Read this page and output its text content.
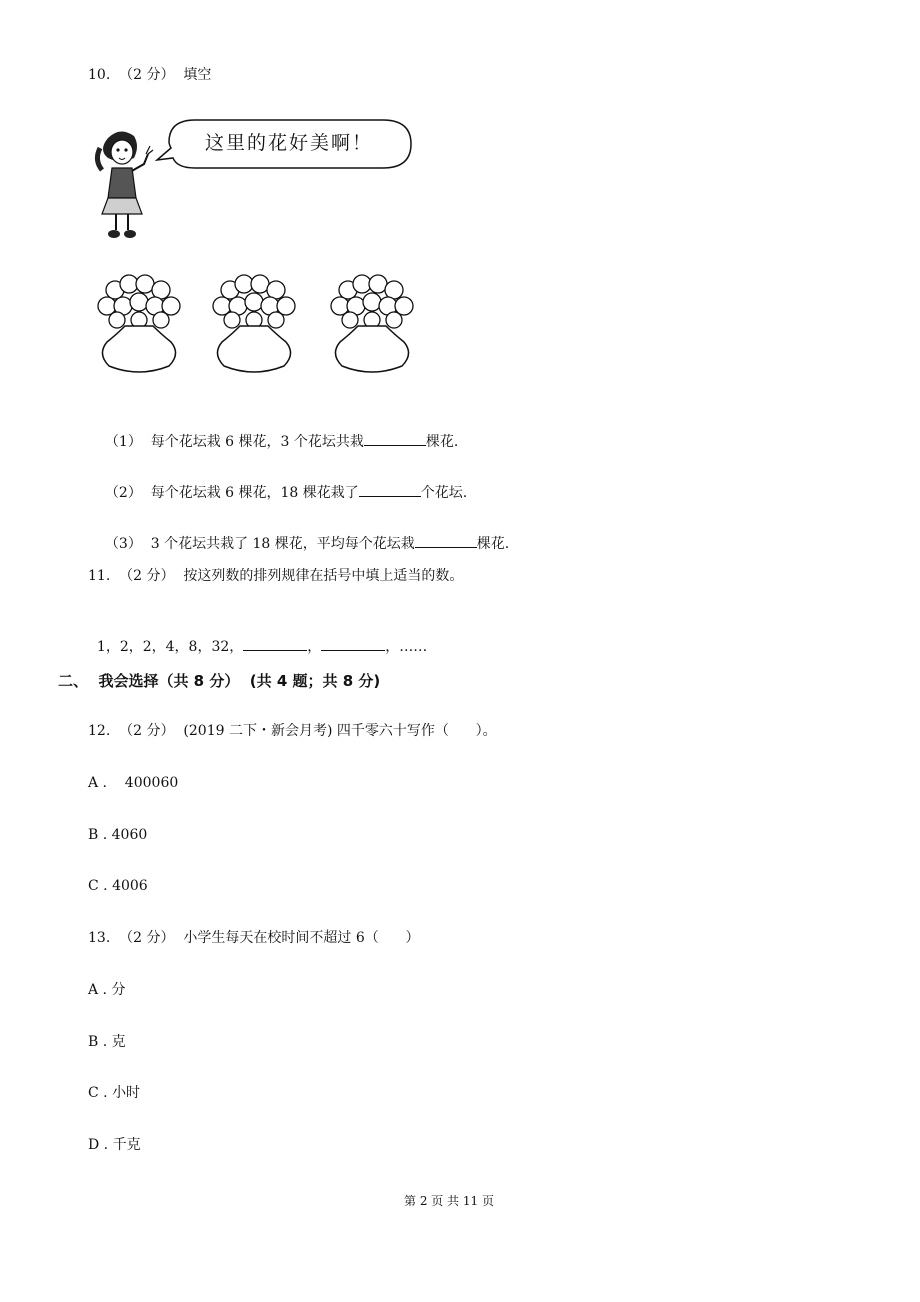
10.  （2 分）  填空
这里的花好美啊！

（1）  每个花坛栽 6 棵花，3 个花坛共栽	棵花.

（2）  每个花坛栽 6 棵花，18 棵花栽了	个花坛.

（3）  3 个花坛共栽了 18 棵花，平均每个花坛栽	棵花.

11.  （2 分）  按这列数的排列规律在括号中填上适当的数。

1，2，2，4，8，32，	，	，……

二、  我会选择（共 8 分）  (共 4 题；共 8 分)
12.  （2 分）  (2019 二下・新会月考) 四千零六十写作（      ）。
A .    400060
B . 4060
C . 4006
13.  （2 分）  小学生每天在校时间不超过 6（      ）
A . 分
B . 克
C . 小时
D . 千克
第 2 页 共 11 页
